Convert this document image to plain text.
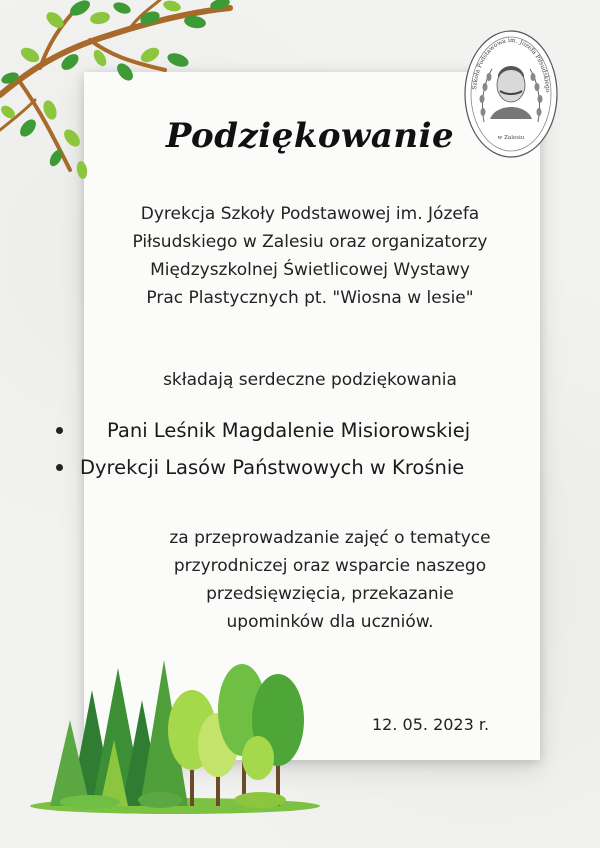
Szkoła Podstawowa im. Józefa Piłsudskiego
w Zalesiu
Podziękowanie
Dyrekcja Szkoły Podstawowej im. Józefa
Piłsudskiego w Zalesiu oraz organizatorzy
Międzyszkolnej Świetlicowej Wystawy
Prac Plastycznych pt. "Wiosna w lesie"
składają serdeczne podziękowania
Pani Leśnik Magdalenie Misiorowskiej
Dyrekcji Lasów Państwowych w Krośnie
za przeprowadzanie zajęć o tematyce
przyrodniczej oraz wsparcie naszego
przedsięwzięcia, przekazanie
upominków dla uczniów.
12. 05. 2023 r.
